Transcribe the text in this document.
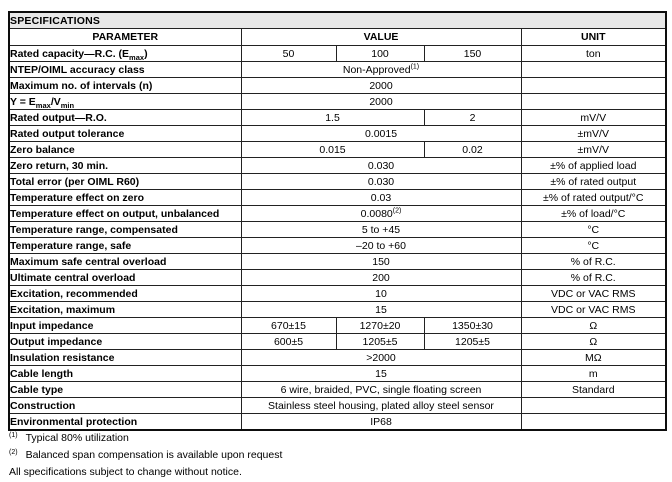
SPECIFICATIONS				
PARAMETER	VALUE			UNIT
Rated capacity—R.C. $(E_{max})$	50	100	150	ton
NTEP/OIML accuracy class	Non-Approved$^{(1)}$	
Maximum no. of intervals (n)	2000			
$Y = E_{max}/V_{min}$	2000			
Rated output—R.O.	1.5		2	mV/V
Rated output tolerance	0.0015			±mV/V
Zero balance	0.015		0.02	±mV/V
Zero return, 30 min.	0.030			±% of applied load
Total error (per OIML R60)	0.030			±% of rated output
Temperature effect on zero	0.03			±% of rated output/°C
Temperature effect on output, unbalanced	0.0080$^{(2)}$			±% of load/°C
Temperature range, compensated	5 to +45			°C
Temperature range, safe	–20 to +60			°C
Maximum safe central overload	150			% of R.C.
Ultimate central overload	200			% of R.C.
Excitation, recommended	10			VDC or VAC RMS
Excitation, maximum	15			VDC or VAC RMS
Input impedance	670±15	1270±20	1350±30	Ω
Output impedance	600±5	1205±5	1205±5	Ω
Insulation resistance	>2000			MΩ
Cable length	15			m
Cable type	6 wire, braided, PVC, single floating screen			Standard
Construction	Stainless steel housing, plated alloy steel sensor			
Environmental protection	IP68			
$^{(1)}$ Typical 80% utilization
$^{(2)}$ Balanced span compensation is available upon request
All specifications subject to change without notice.
